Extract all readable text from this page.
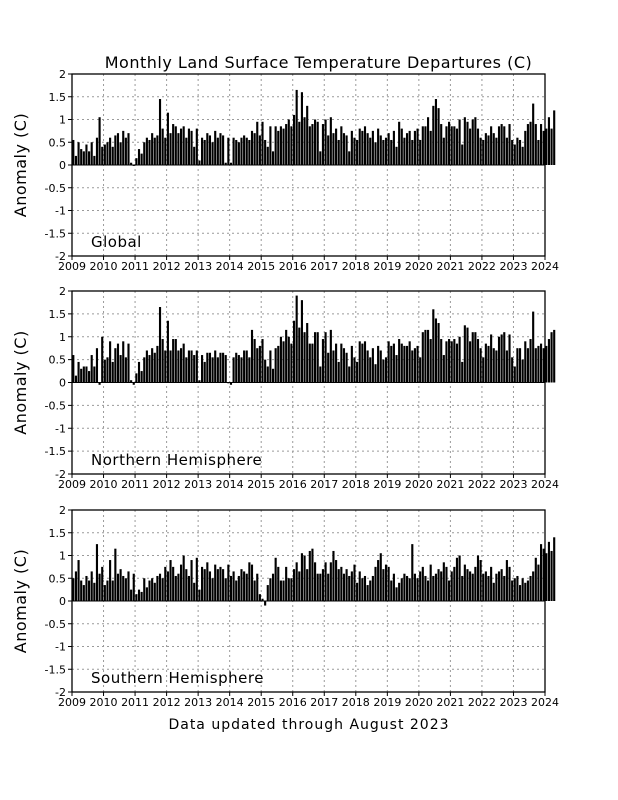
2
1.5
1
0.5
0
-0.5
-1
-1.5
-2
2009 2010 2011 2012 2013 2014 2015 2016 2017 2018 2019 2020 2021 2022 2023 2024
Anomaly (C)
Global
Monthly Land Surface Temperature Departures (C)
2
1.5
1
0.5
0
-0.5
-1
-1.5
-2
2009 2010 2011 2012 2013 2014 2015 2016 2017 2018 2019 2020 2021 2022 2023 2024
Anomaly (C)
Northern Hemisphere
2
1.5
1
0.5
0
-0.5
-1
-1.5
-2
2009 2010 2011 2012 2013 2014 2015 2016 2017 2018 2019 2020 2021 2022 2023 2024
Anomaly (C)
Southern Hemisphere
Data updated through August 2023
